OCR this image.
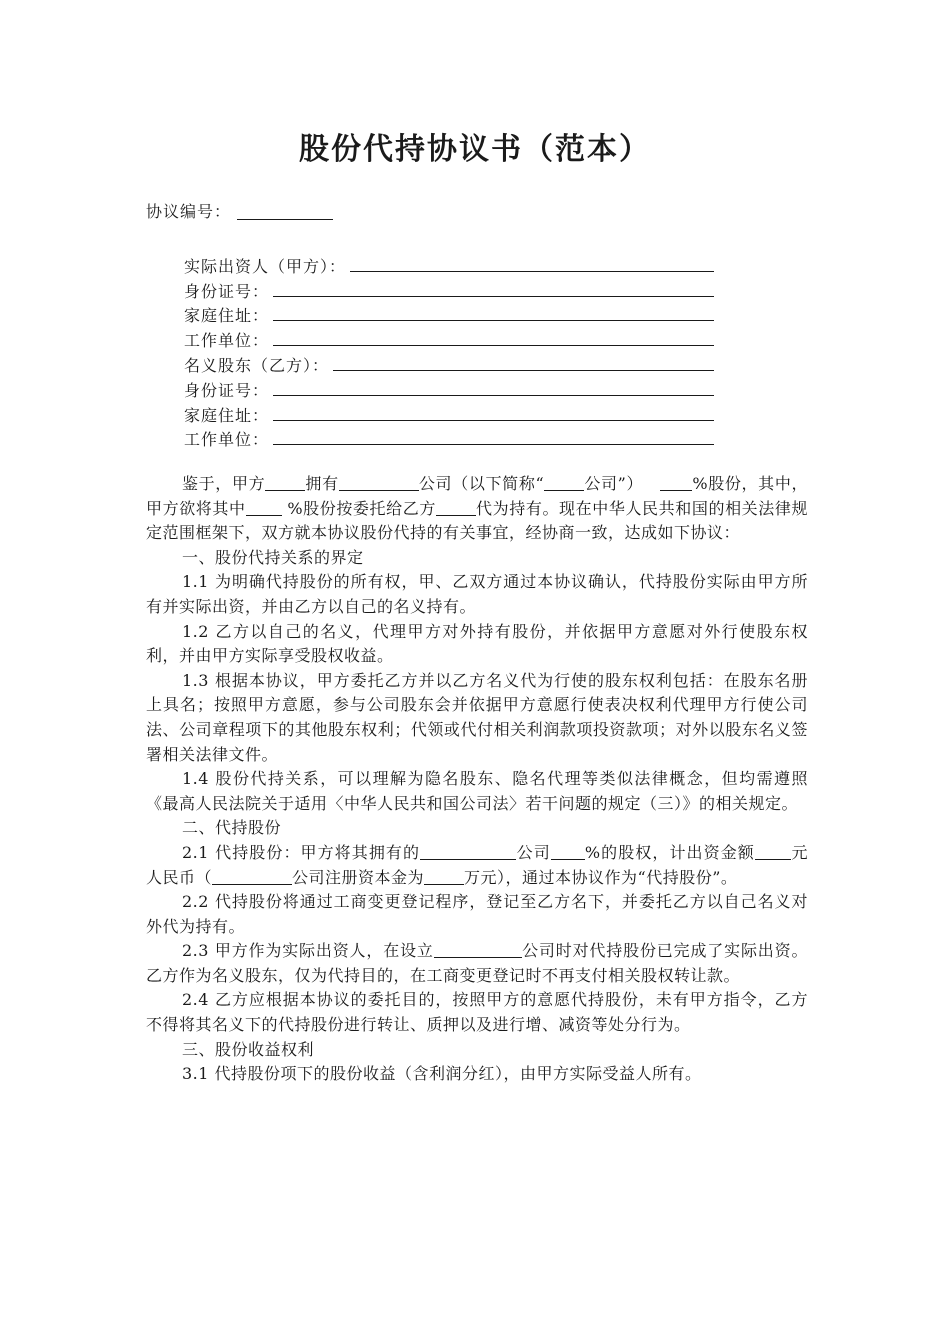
股份代持协议书（范本）
协议编号：
实际出资人（甲方）：
身份证号：
家庭住址：
工作单位：
名义股东（乙方）：
身份证号：
家庭住址：
工作单位：

鉴于，甲方	拥有	公司（以下简称“	公司”）	%股份，其中，甲方欲将其中	%股份按委托给乙方	代为持有。现在中华人民共和国的相关法律规定范围框架下，双方就本协议股份代持的有关事宜，经协商一致，达成如下协议：

一、股份代持关系的界定

1.1 为明确代持股份的所有权，甲、乙双方通过本协议确认，代持股份实际由甲方所有并实际出资，并由乙方以自己的名义持有。

1.2 乙方以自己的名义，代理甲方对外持有股份，并依据甲方意愿对外行使股东权利，并由甲方实际享受股权收益。

1.3 根据本协议，甲方委托乙方并以乙方名义代为行使的股东权利包括：在股东名册上具名；按照甲方意愿，参与公司股东会并依据甲方意愿行使表决权利代理甲方行使公司法、公司章程项下的其他股东权利；代领或代付相关利润款项投资款项；对外以股东名义签署相关法律文件。

1.4 股份代持关系，可以理解为隐名股东、隐名代理等类似法律概念，但均需遵照《最高人民法院关于适用〈中华人民共和国公司法〉若干问题的规定（三）》的相关规定。

二、代持股份

2.1 代持股份：甲方将其拥有的	公司 %的股权，计出资金额 元人民币（	公司注册资本金为	万元），通过本协议作为“代持股份”。

2.2 代持股份将通过工商变更登记程序，登记至乙方名下，并委托乙方以自己名义对外代为持有。

2.3 甲方作为实际出资人，在设立	公司时对代持股份已完成了实际出资。乙方作为名义股东，仅为代持目的，在工商变更登记时不再支付相关股权转让款。

2.4 乙方应根据本协议的委托目的，按照甲方的意愿代持股份，未有甲方指令，乙方不得将其名义下的代持股份进行转让、质押以及进行增、减资等处分行为。

三、股份收益权利

3.1 代持股份项下的股份收益（含利润分红），由甲方实际受益人所有。
